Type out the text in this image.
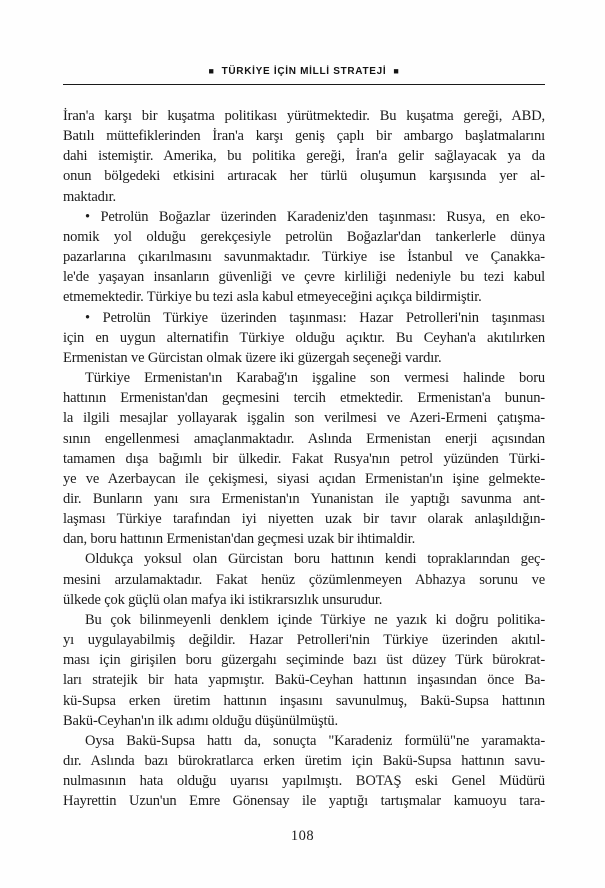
■ TÜRKİYE İÇİN MİLLİ STRATEJİ ■
İran'a karşı bir kuşatma politikası yürütmektedir. Bu kuşatma gereği, ABD,
Batılı müttefiklerinden İran'a karşı geniş çaplı bir ambargo başlatmalarını
dahi istemiştir. Amerika, bu politika gereği, İran'a gelir sağlayacak ya da
onun bölgedeki etkisini artıracak her türlü oluşumun karşısında yer al-
maktadır.
• Petrolün Boğazlar üzerinden Karadeniz'den taşınması: Rusya, en eko-
nomik yol olduğu gerekçesiyle petrolün Boğazlar'dan tankerlerle dünya
pazarlarına çıkarılmasını savunmaktadır. Türkiye ise İstanbul ve Çanakka-
le'de yaşayan insanların güvenliği ve çevre kirliliği nedeniyle bu tezi kabul
etmemektedir. Türkiye bu tezi asla kabul etmeyeceğini açıkça bildirmiştir.
• Petrolün Türkiye üzerinden taşınması: Hazar Petrolleri'nin taşınması
için en uygun alternatifin Türkiye olduğu açıktır. Bu Ceyhan'a akıtılırken
Ermenistan ve Gürcistan olmak üzere iki güzergah seçeneği vardır.
Türkiye Ermenistan'ın Karabağ'ın işgaline son vermesi halinde boru
hattının Ermenistan'dan geçmesini tercih etmektedir. Ermenistan'a bunun-
la ilgili mesajlar yollayarak işgalin son verilmesi ve Azeri-Ermeni çatışma-
sının engellenmesi amaçlanmaktadır. Aslında Ermenistan enerji açısından
tamamen dışa bağımlı bir ülkedir. Fakat Rusya'nın petrol yüzünden Türki-
ye ve Azerbaycan ile çekişmesi, siyasi açıdan Ermenistan'ın işine gelmekte-
dir. Bunların yanı sıra Ermenistan'ın Yunanistan ile yaptığı savunma ant-
laşması Türkiye tarafından iyi niyetten uzak bir tavır olarak anlaşıldığın-
dan, boru hattının Ermenistan'dan geçmesi uzak bir ihtimaldir.
Oldukça yoksul olan Gürcistan boru hattının kendi topraklarından geç-
mesini arzulamaktadır. Fakat henüz çözümlenmeyen Abhazya sorunu ve
ülkede çok güçlü olan mafya iki istikrarsızlık unsurudur.
Bu çok bilinmeyenli denklem içinde Türkiye ne yazık ki doğru politika-
yı uygulayabilmiş değildir. Hazar Petrolleri'nin Türkiye üzerinden akıtıl-
ması için girişilen boru güzergahı seçiminde bazı üst düzey Türk bürokrat-
ları stratejik bir hata yapmıştır. Bakü-Ceyhan hattının inşasından önce Ba-
kü-Supsa erken üretim hattının inşasını savunulmuş, Bakü-Supsa hattının
Bakü-Ceyhan'ın ilk adımı olduğu düşünülmüştü.
Oysa Bakü-Supsa hattı da, sonuçta "Karadeniz formülü"ne yaramakta-
dır. Aslında bazı bürokratlarca erken üretim için Bakü-Supsa hattının savu-
nulmasının hata olduğu uyarısı yapılmıştı. BOTAŞ eski Genel Müdürü
Hayrettin Uzun'un Emre Gönensay ile yaptığı tartışmalar kamuoyu tara-
108
